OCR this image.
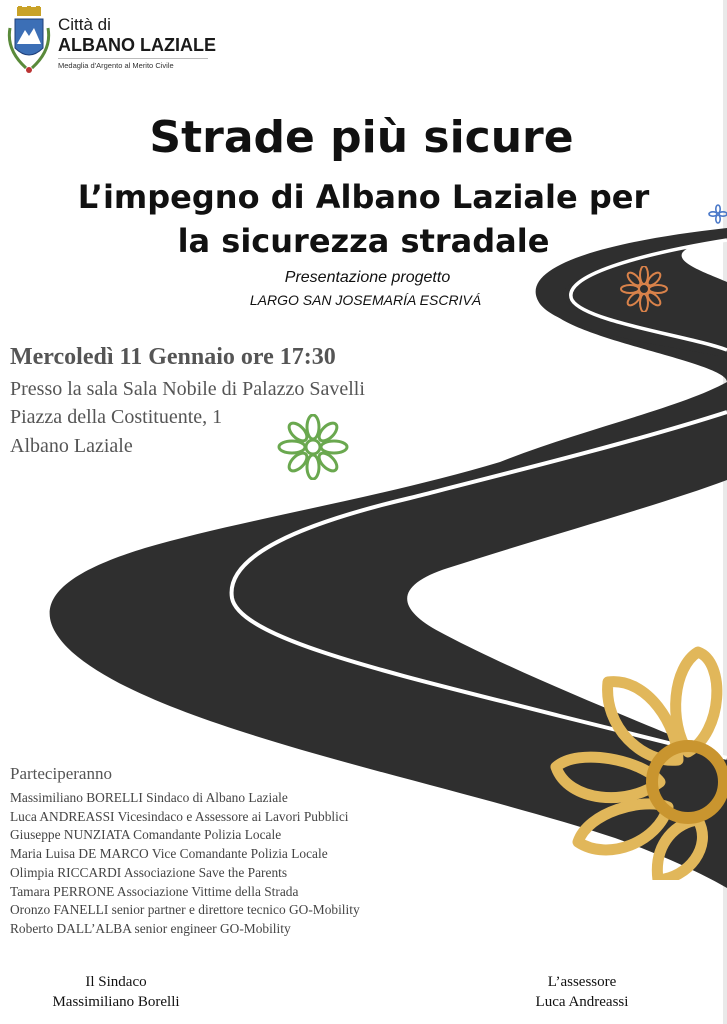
Città di
ALBANO LAZIALE
Medaglia d'Argento al Merito Civile
Strade più sicure
L’impegno di Albano Laziale per
la sicurezza stradale
Presentazione progetto
LARGO SAN JOSEMARÍA ESCRIVÁ
Mercoledì 11 Gennaio ore 17:30
Presso la sala Sala Nobile di Palazzo Savelli
Piazza della Costituente, 1
Albano Laziale
Parteciperanno
Massimiliano BORELLI Sindaco di Albano Laziale
Luca ANDREASSI Vicesindaco e Assessore ai Lavori Pubblici
Giuseppe NUNZIATA Comandante Polizia Locale
Maria Luisa DE MARCO Vice Comandante Polizia Locale
Olimpia RICCARDI Associazione Save the Parents
Tamara PERRONE Associazione Vittime della Strada
Oronzo FANELLI senior partner e direttore tecnico GO-Mobility
Roberto DALL’ALBA senior engineer GO-Mobility
Il Sindaco
Massimiliano Borelli
L’assessore
Luca Andreassi
